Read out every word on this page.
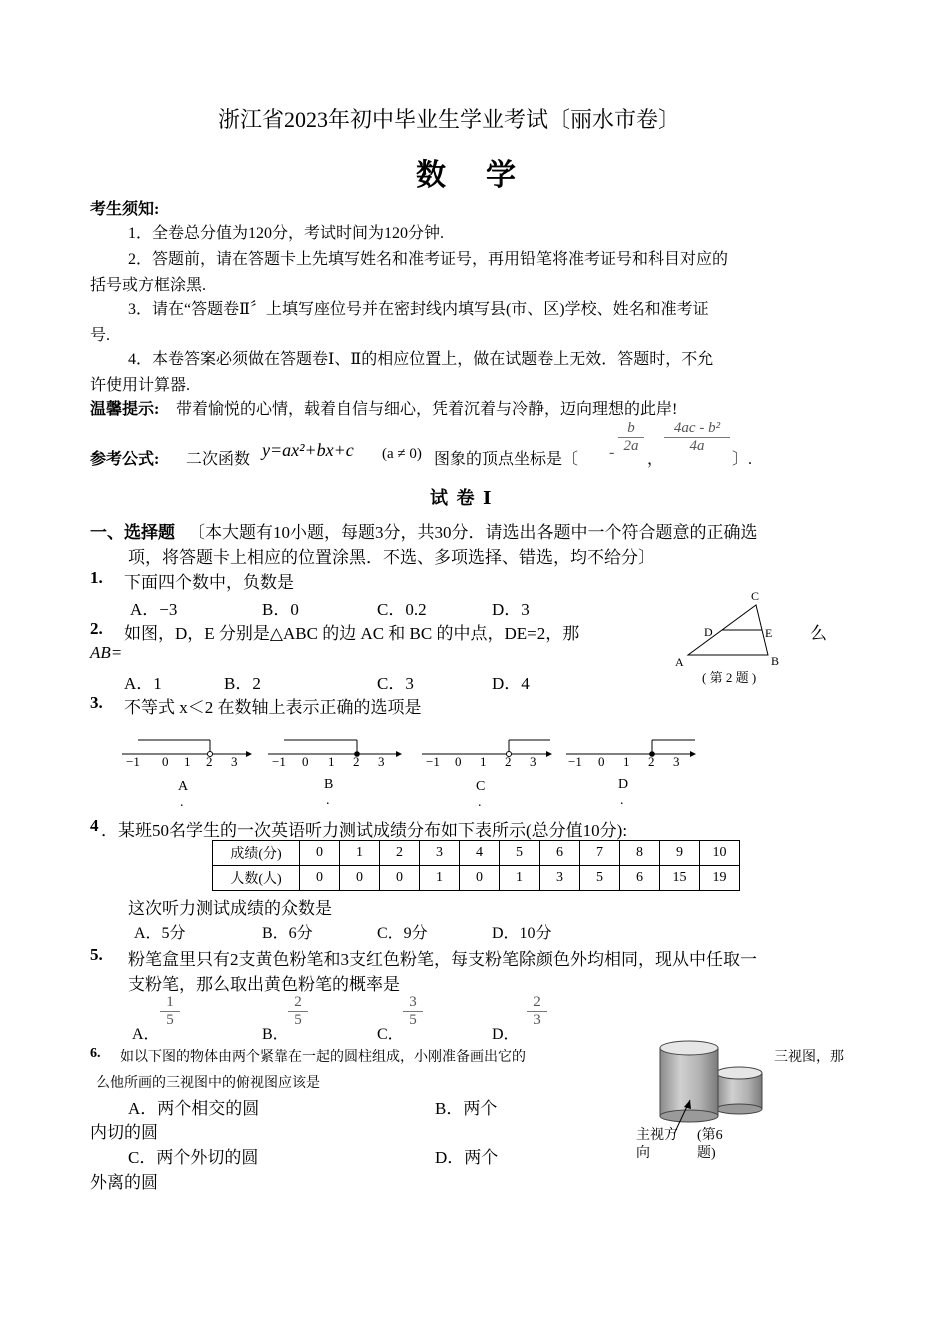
浙江省2023年初中毕业生学业考试〔丽水市卷〕
数学
考生须知:
1．全卷总分值为120分，考试时间为120分钟.
2．答题前，请在答题卡上先填写姓名和准考证号，再用铅笔将准考证号和科目对应的
括号或方框涂黑.
3．请在“答题卷Ⅱ〞上填写座位号并在密封线内填写县(市、区)学校、姓名和准考证
号.
4．本卷答案必须做在答题卷Ⅰ、Ⅱ的相应位置上，做在试题卷上无效．答题时，不允
许使用计算器.
温馨提示: 带着愉悦的心情，载着自信与细心，凭着沉着与冷静，迈向理想的此岸!
参考公式: 二次函数 y=ax²+bx+c (a ≠ 0) 图象的顶点坐标是〔 - $\frac{b}{2a}$
，
$\frac{\text{4ac - b²}}{4a}$
〕.
试 卷 Ⅰ
一、选择题 〔本大题有10小题，每题3分，共30分．请选出各题中一个符合题意的正确选
项，将答题卡上相应的位置涂黑．不选、多项选择、错选，均不给分〕
1. 下面四个数中，负数是
A．−3	B．0	C．0.2	D．3
2. 如图，D，E 分别是△ABC 的边 AC 和 BC 的中点，DE=2，那	么
AB=
A．1	B．2	C．3	D．4
C
D	E
A	B
( 第 2 题 )
3. 不等式 x＜2 在数轴上表示正确的选项是
−1 0 1 2 3	−1 0 1 2 3	−1 0 1 2 3 −1 0 1 2 3
A	B	C	D
.	.	.	.
4 ．某班50名学生的一次英语听力测试成绩分布如下表所示(总分值10分):
成绩(分)	0	1	2	3	4	5	6	7	8	9	10
人数(人)	0	0	0	1	0	1	3	5	6	15	19
这次听力测试成绩的众数是
A．5分	B．6分	C．9分	D．10分
5. 粉笔盒里只有2支黄色粉笔和3支红色粉笔，每支粉笔除颜色外均相同，现从中任取一
支粉笔，那么取出黄色粉笔的概率是
A．
$\frac{1}{5}$
B．
$\frac{2}{5}$
C．
$\frac{3}{5}$
D．
$\frac{2}{3}$
6. 如以下图的物体由两个紧靠在一起的圆柱组成，小刚准备画出它的	三视图，那
么他所画的三视图中的俯视图应该是
A．两个相交的圆	B．两个
内切的圆
C．两个外切的圆	D．两个
外离的圆
主视方
向
(第6
题)
